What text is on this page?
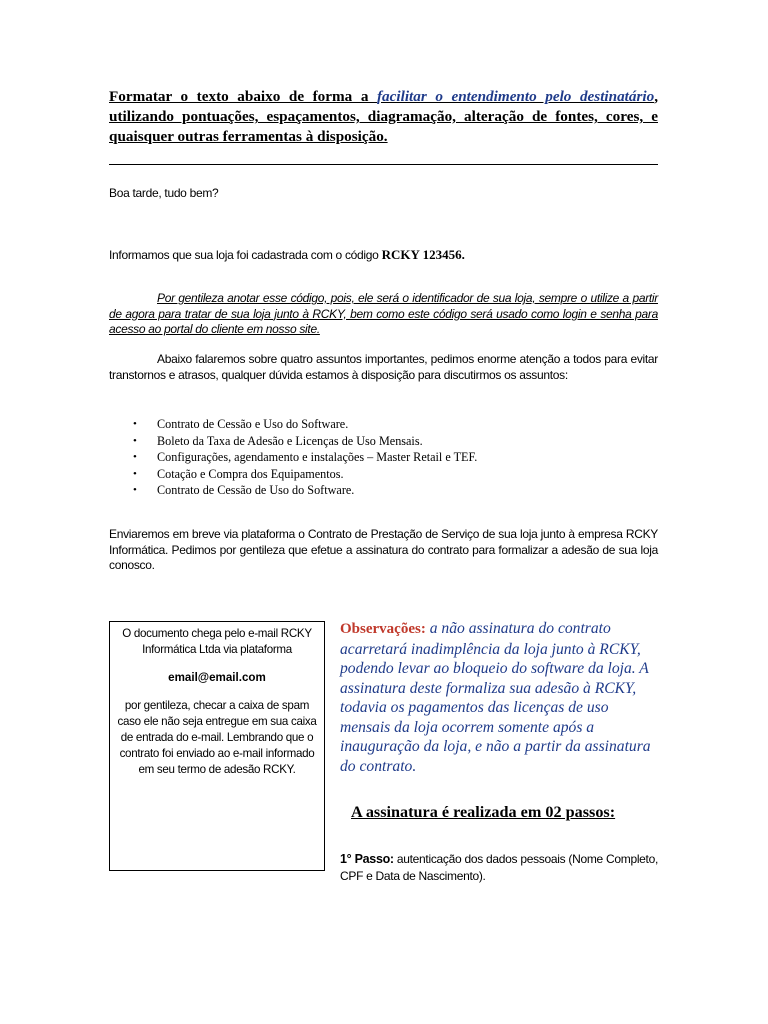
Formatar o texto abaixo de forma a facilitar o entendimento pelo destinatário, utilizando pontuações, espaçamentos, diagramação, alteração de fontes, cores, e quaisquer outras ferramentas à disposição.
Boa tarde, tudo bem?
Informamos que sua loja foi cadastrada com o código RCKY 123456.
Por gentileza anotar esse código, pois, ele será o identificador de sua loja, sempre o utilize a partir de agora para tratar de sua loja junto à RCKY, bem como este código será usado como login e senha para acesso ao portal do cliente em nosso site.
Abaixo falaremos sobre quatro assuntos importantes, pedimos enorme atenção a todos para evitar transtornos e atrasos, qualquer dúvida estamos à disposição para discutirmos os assuntos:
• Contrato de Cessão e Uso do Software.
• Boleto da Taxa de Adesão e Licenças de Uso Mensais.
• Configurações, agendamento e instalações – Master Retail e TEF.
• Cotação e Compra dos Equipamentos.
• Contrato de Cessão de Uso do Software.
Enviaremos em breve via plataforma o Contrato de Prestação de Serviço de sua loja junto à empresa RCKY Informática. Pedimos por gentileza que efetue a assinatura do contrato para formalizar a adesão de sua loja conosco.
O documento chega pelo e-mail RCKY Informática Ltda via plataforma
email@email.com
por gentileza, checar a caixa de spam caso ele não seja entregue em sua caixa de entrada do e-mail. Lembrando que o contrato foi enviado ao e-mail informado em seu termo de adesão RCKY.
Observações: a não assinatura do contrato acarretará inadimplência da loja junto à RCKY, podendo levar ao bloqueio do software da loja. A assinatura deste formaliza sua adesão à RCKY, todavia os pagamentos das licenças de uso mensais da loja ocorrem somente após a inauguração da loja, e não a partir da assinatura do contrato.
A assinatura é realizada em 02 passos:
1° Passo: autenticação dos dados pessoais (Nome Completo, CPF e Data de Nascimento).
